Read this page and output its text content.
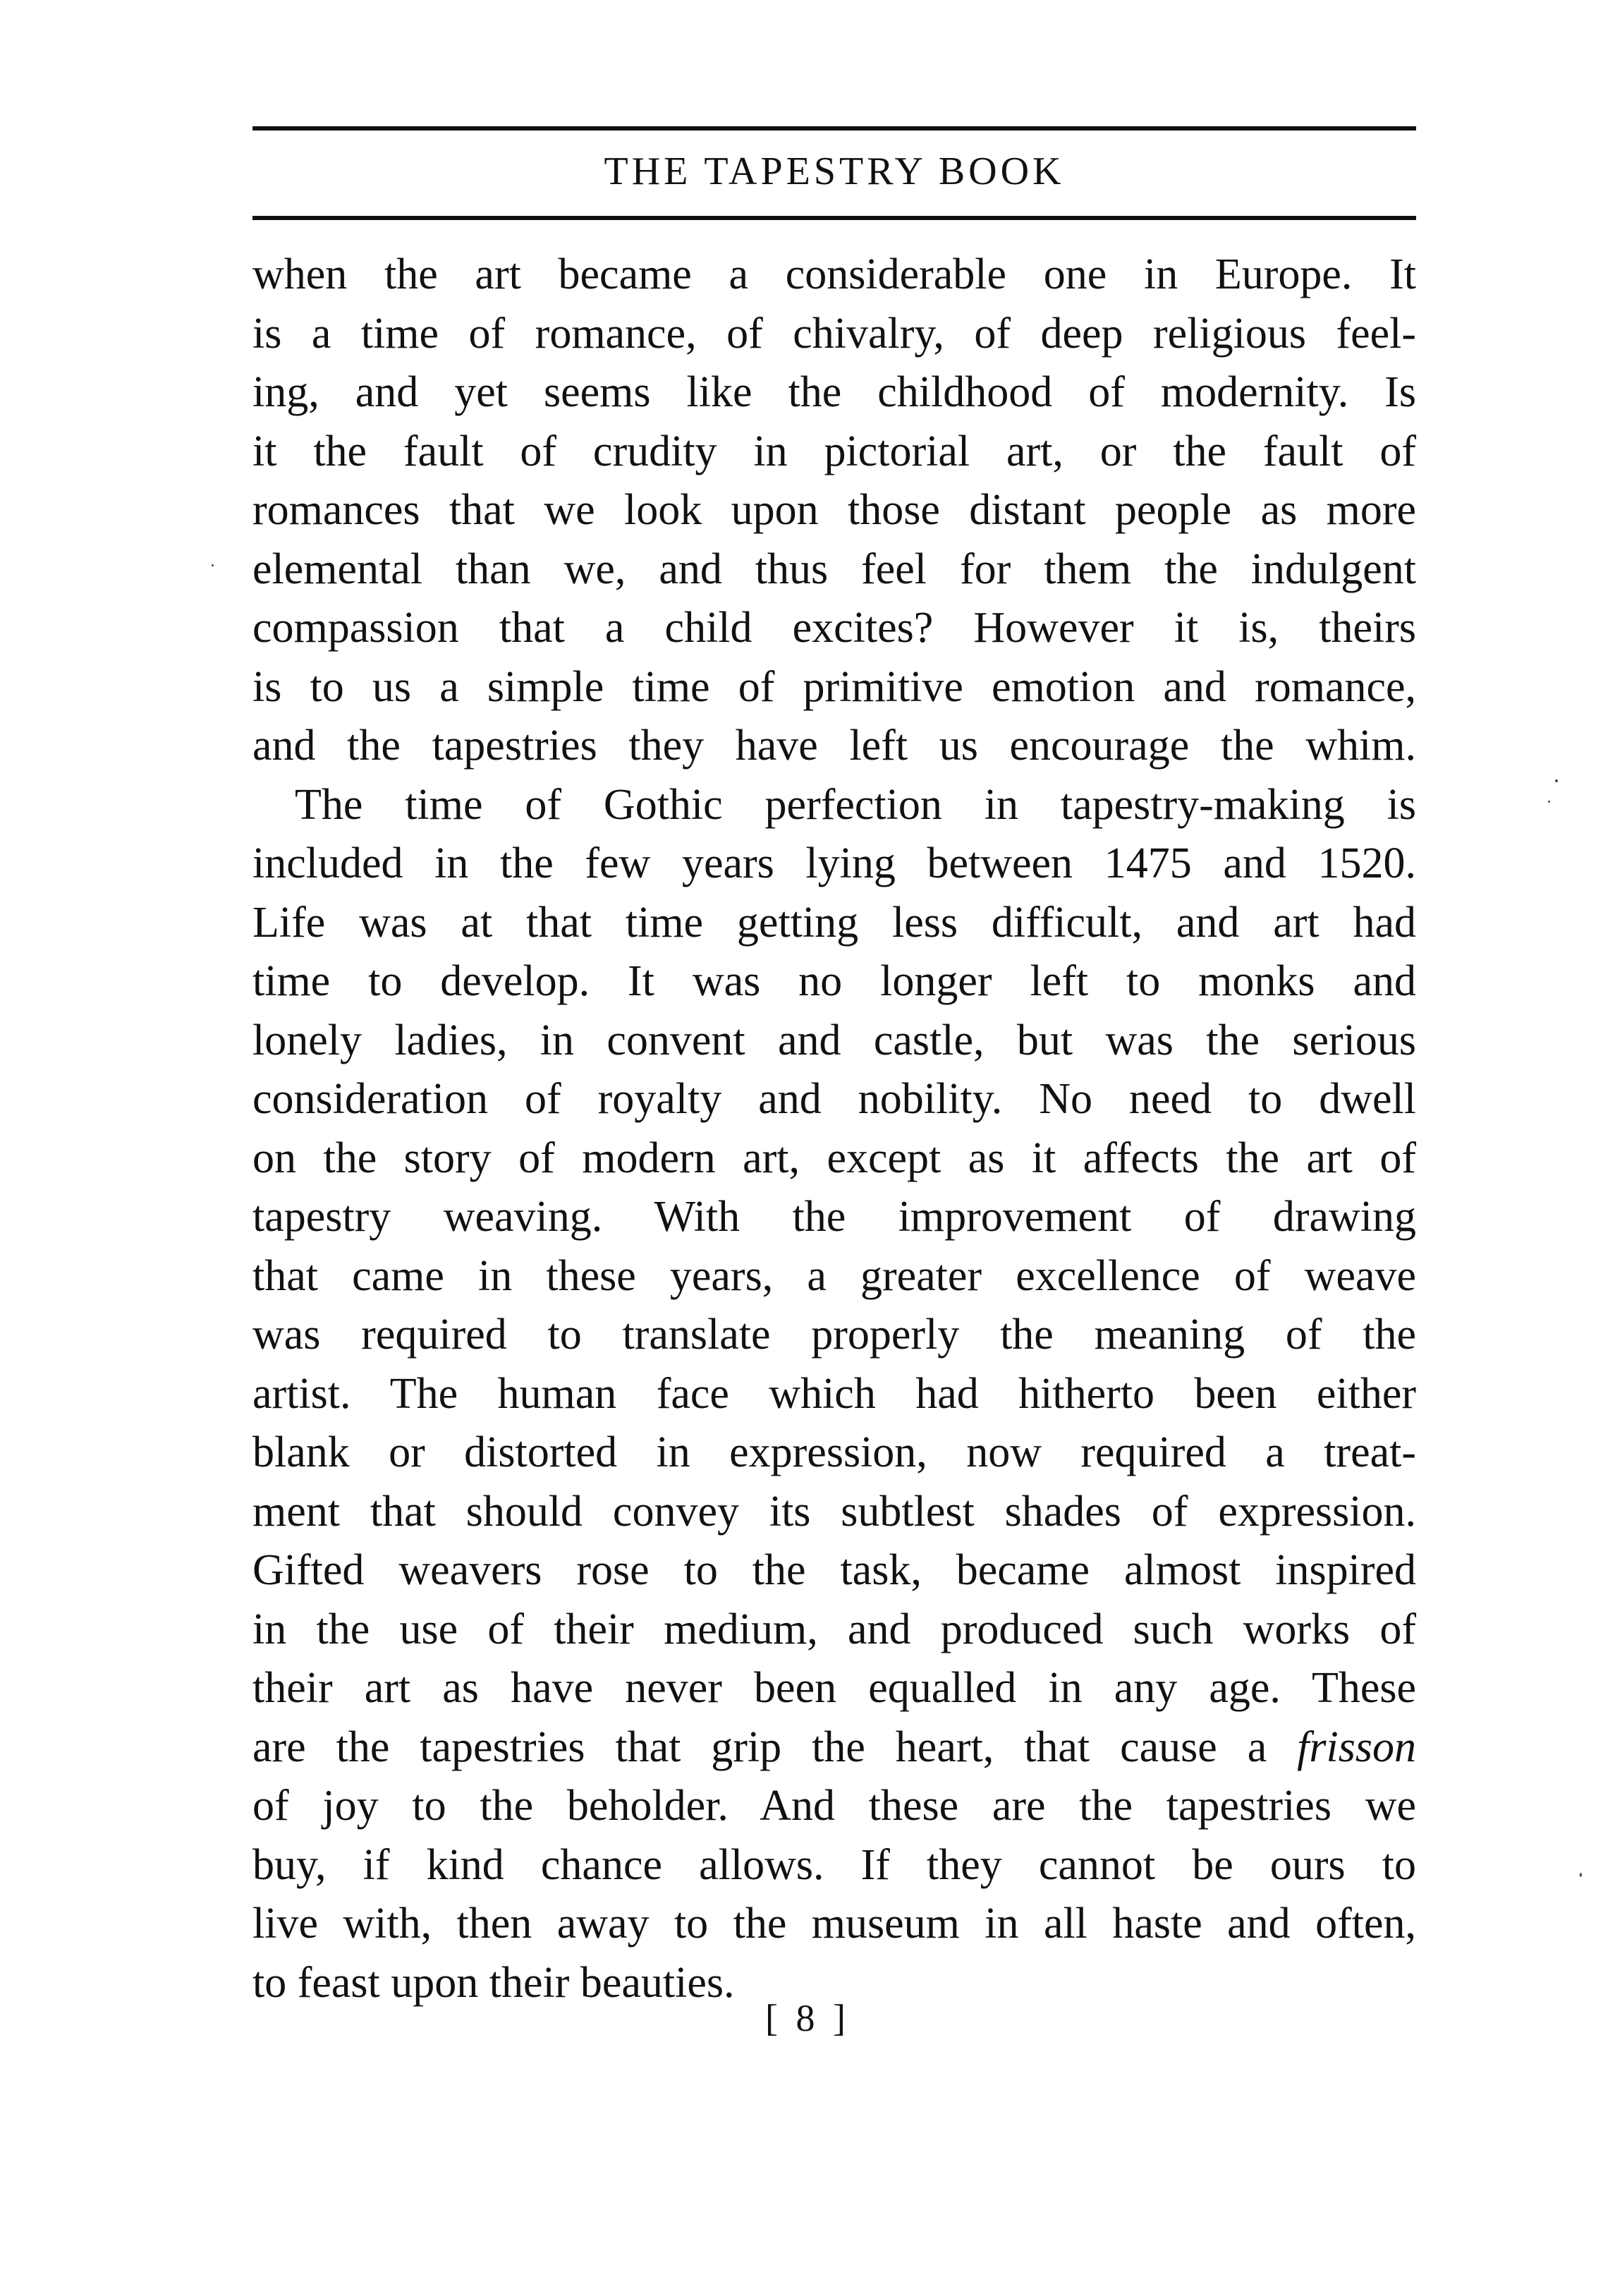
THE TAPESTRY BOOK
when the art became a considerable one in Europe. It
is a time of romance, of chivalry, of deep religious feel-
ing, and yet seems like the childhood of modernity. Is
it the fault of crudity in pictorial art, or the fault of
romances that we look upon those distant people as more
elemental than we, and thus feel for them the indulgent
compassion that a child excites? However it is, theirs
is to us a simple time of primitive emotion and romance,
and the tapestries they have left us encourage the whim.
The time of Gothic perfection in tapestry-making is
included in the few years lying between 1475 and 1520.
Life was at that time getting less difficult, and art had
time to develop. It was no longer left to monks and
lonely ladies, in convent and castle, but was the serious
consideration of royalty and nobility. No need to dwell
on the story of modern art, except as it affects the art of
tapestry weaving. With the improvement of drawing
that came in these years, a greater excellence of weave
was required to translate properly the meaning of the
artist. The human face which had hitherto been either
blank or distorted in expression, now required a treat-
ment that should convey its subtlest shades of expression.
Gifted weavers rose to the task, became almost inspired
in the use of their medium, and produced such works of
their art as have never been equalled in any age. These
are the tapestries that grip the heart, that cause a frisson
of joy to the beholder. And these are the tapestries we
buy, if kind chance allows. If they cannot be ours to
live with, then away to the museum in all haste and often,
to feast upon their beauties.
[ 8 ]
